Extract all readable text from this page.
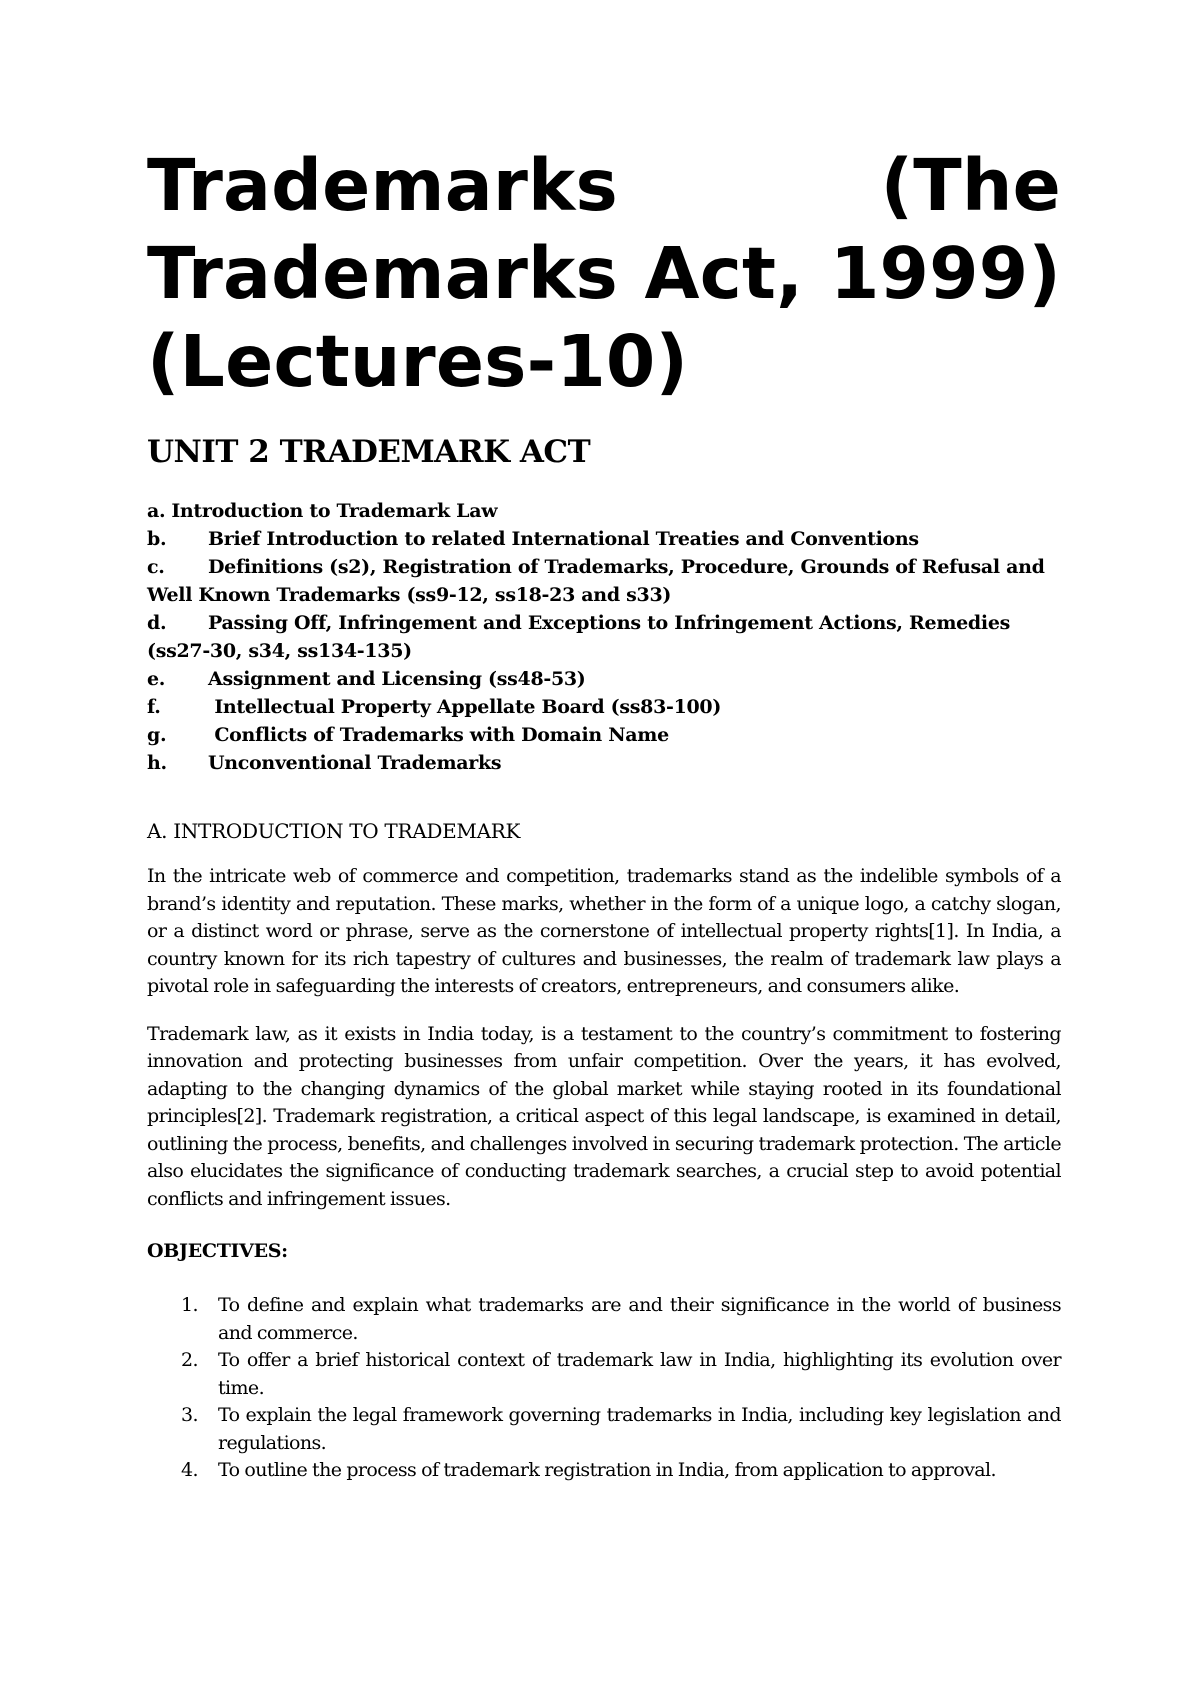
Trademarks (The
Trademarks Act, 1999)
(Lectures-10)
UNIT 2 TRADEMARK ACT
a. Introduction to Trademark Law
b. Brief Introduction to related International Treaties and Conventions
c. Definitions (s2), Registration of Trademarks, Procedure, Grounds of Refusal and Well Known Trademarks (ss9-12, ss18-23 and s33)
d. Passing Off, Infringement and Exceptions to Infringement Actions, Remedies (ss27-30, s34, ss134-135)
e. Assignment and Licensing (ss48-53)
f. Intellectual Property Appellate Board (ss83-100)
g. Conflicts of Trademarks with Domain Name
h. Unconventional Trademarks
A. INTRODUCTION TO TRADEMARK

In the intricate web of commerce and competition, trademarks stand as the indelible symbols of a brand’s identity and reputation. These marks, whether in the form of a unique logo, a catchy slogan, or a distinct word or phrase, serve as the cornerstone of intellectual property rights[1]. In India, a country known for its rich tapestry of cultures and businesses, the realm of trademark law plays a pivotal role in safeguarding the interests of creators, entrepreneurs, and consumers alike.

Trademark law, as it exists in India today, is a testament to the country’s commitment to fostering innovation and protecting businesses from unfair competition. Over the years, it has evolved, adapting to the changing dynamics of the global market while staying rooted in its foundational principles[2]. Trademark registration, a critical aspect of this legal landscape, is examined in detail, outlining the process, benefits, and challenges involved in securing trademark protection. The article also elucidates the significance of conducting trademark searches, a crucial step to avoid potential conflicts and infringement issues.

OBJECTIVES:
1. To define and explain what trademarks are and their significance in the world of business and commerce.
2. To offer a brief historical context of trademark law in India, highlighting its evolution over time.
3. To explain the legal framework governing trademarks in India, including key legislation and regulations.
4. To outline the process of trademark registration in India, from application to approval.
